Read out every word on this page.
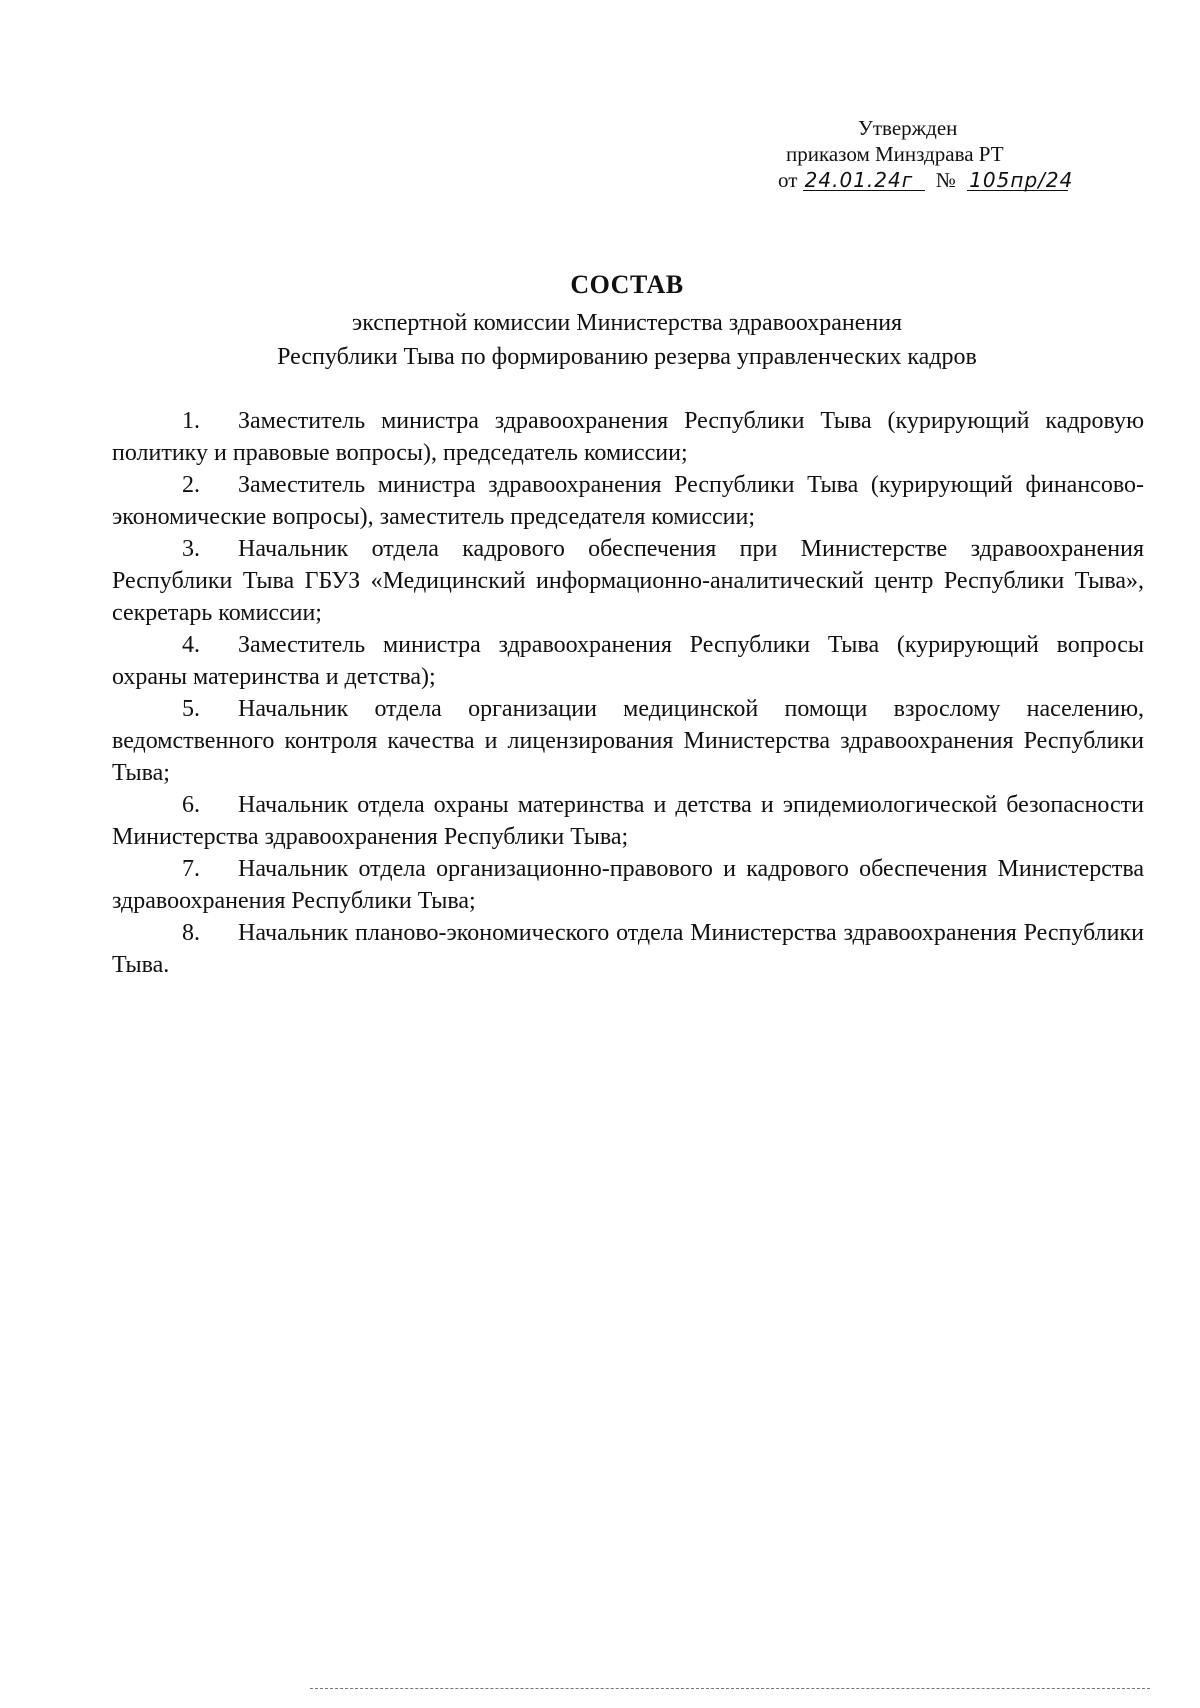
Утвержден
приказом Минздрава РТ
от 24.01.24г № 105пр/24
СОСТАВ
экспертной комиссии Министерства здравоохранения
Республики Тыва по формированию резерва управленческих кадров

1. Заместитель министра здравоохранения Республики Тыва (курирующий кадровую политику и правовые вопросы), председатель комиссии;

2. Заместитель министра здравоохранения Республики Тыва (курирующий финансово-экономические вопросы), заместитель председателя комиссии;

3. Начальник отдела кадрового обеспечения при Министерстве здравоохранения Республики Тыва ГБУЗ «Медицинский информационно-аналитический центр Республики Тыва», секретарь комиссии;

4. Заместитель министра здравоохранения Республики Тыва (курирующий вопросы охраны материнства и детства);

5. Начальник отдела организации медицинской помощи взрослому населению, ведомственного контроля качества и лицензирования Министерства здравоохранения Республики Тыва;

6. Начальник отдела охраны материнства и детства и эпидемиологической безопасности Министерства здравоохранения Республики Тыва;

7. Начальник отдела организационно-правового и кадрового обеспечения Министерства здравоохранения Республики Тыва;

8. Начальник планово-экономического отдела Министерства здравоохранения Республики Тыва.
